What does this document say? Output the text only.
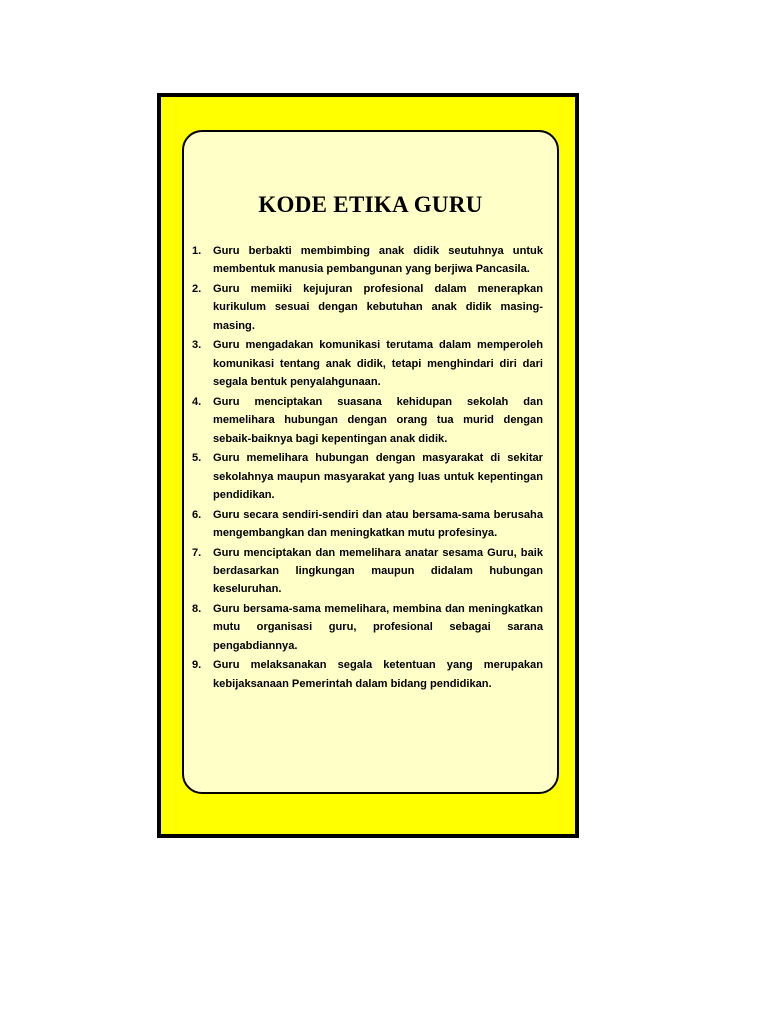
KODE ETIKA GURU
1. Guru berbakti membimbing anak didik seutuhnya untuk membentuk manusia pembangunan yang berjiwa Pancasila.
2. Guru memiiki kejujuran profesional dalam menerapkan kurikulum sesuai dengan kebutuhan anak didik masing-masing.
3. Guru mengadakan komunikasi terutama dalam memperoleh komunikasi tentang anak didik, tetapi menghindari diri dari segala bentuk penyalahgunaan.
4. Guru menciptakan suasana kehidupan sekolah dan memelihara hubungan dengan orang tua murid dengan sebaik-baiknya bagi kepentingan anak didik.
5. Guru memelihara hubungan dengan masyarakat di sekitar sekolahnya maupun masyarakat yang luas untuk kepentingan pendidikan.
6. Guru secara sendiri-sendiri dan atau bersama-sama berusaha mengembangkan dan meningkatkan mutu profesinya.
7. Guru menciptakan dan memelihara anatar sesama Guru, baik berdasarkan lingkungan maupun didalam hubungan keseluruhan.
8. Guru bersama-sama memelihara, membina dan meningkatkan mutu organisasi guru, profesional sebagai sarana pengabdiannya.
9. Guru melaksanakan segala ketentuan yang merupakan kebijaksanaan Pemerintah dalam bidang pendidikan.
